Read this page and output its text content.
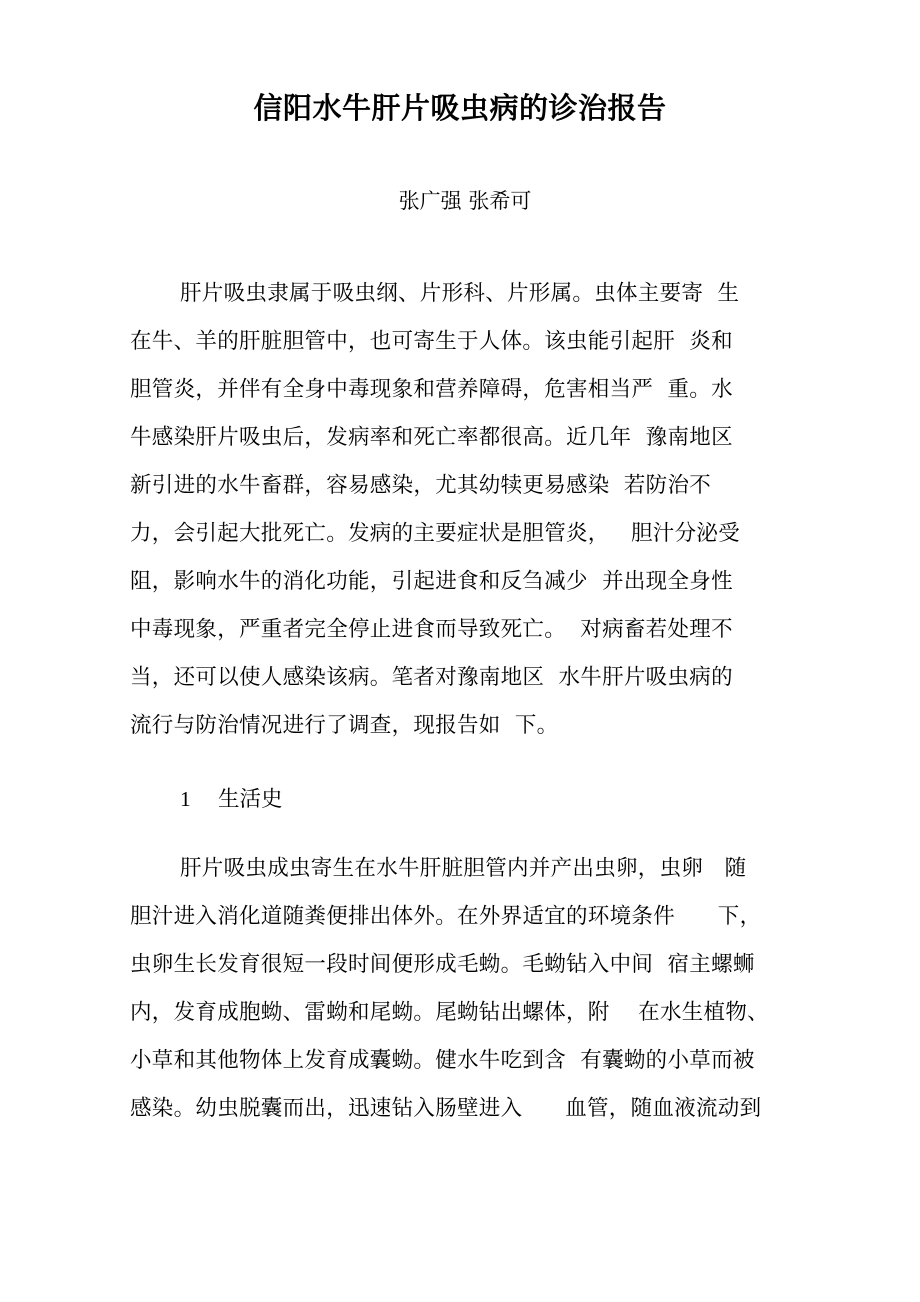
信阳水牛肝片吸虫病的诊治报告
张广强 张希可
肝片吸虫隶属于吸虫纲、片形科、片形属。虫体主要寄  生
在牛、羊的肝脏胆管中，也可寄生于人体。该虫能引起肝  炎和
胆管炎，并伴有全身中毒现象和营养障碍，危害相当严  重。水
牛感染肝片吸虫后，发病率和死亡率都很高。近几年  豫南地区
新引进的水牛畜群，容易感染，尤其幼犊更易感染  若防治不
力，会引起大批死亡。发病的主要症状是胆管炎，   胆汁分泌受
阻，影响水牛的消化功能，引起进食和反刍减少  并出现全身性
中毒现象，严重者完全停止进食而导致死亡。  对病畜若处理不
当，还可以使人感染该病。笔者对豫南地区  水牛肝片吸虫病的
流行与防治情况进行了调查，现报告如  下。
1 生活史
肝片吸虫成虫寄生在水牛肝脏胆管内并产出虫卵，虫卵   随
胆汁进入消化道随粪便排出体外。在外界适宜的环境条件      下，
虫卵生长发育很短一段时间便形成毛蚴。毛蚴钻入中间  宿主螺蛳
内，发育成胞蚴、雷蚴和尾蚴。尾蚴钻出螺体，附    在水生植物、
小草和其他物体上发育成囊蚴。健水牛吃到含  有囊蚴的小草而被
感染。幼虫脱囊而出，迅速钻入肠壁进入      血管，随血液流动到
